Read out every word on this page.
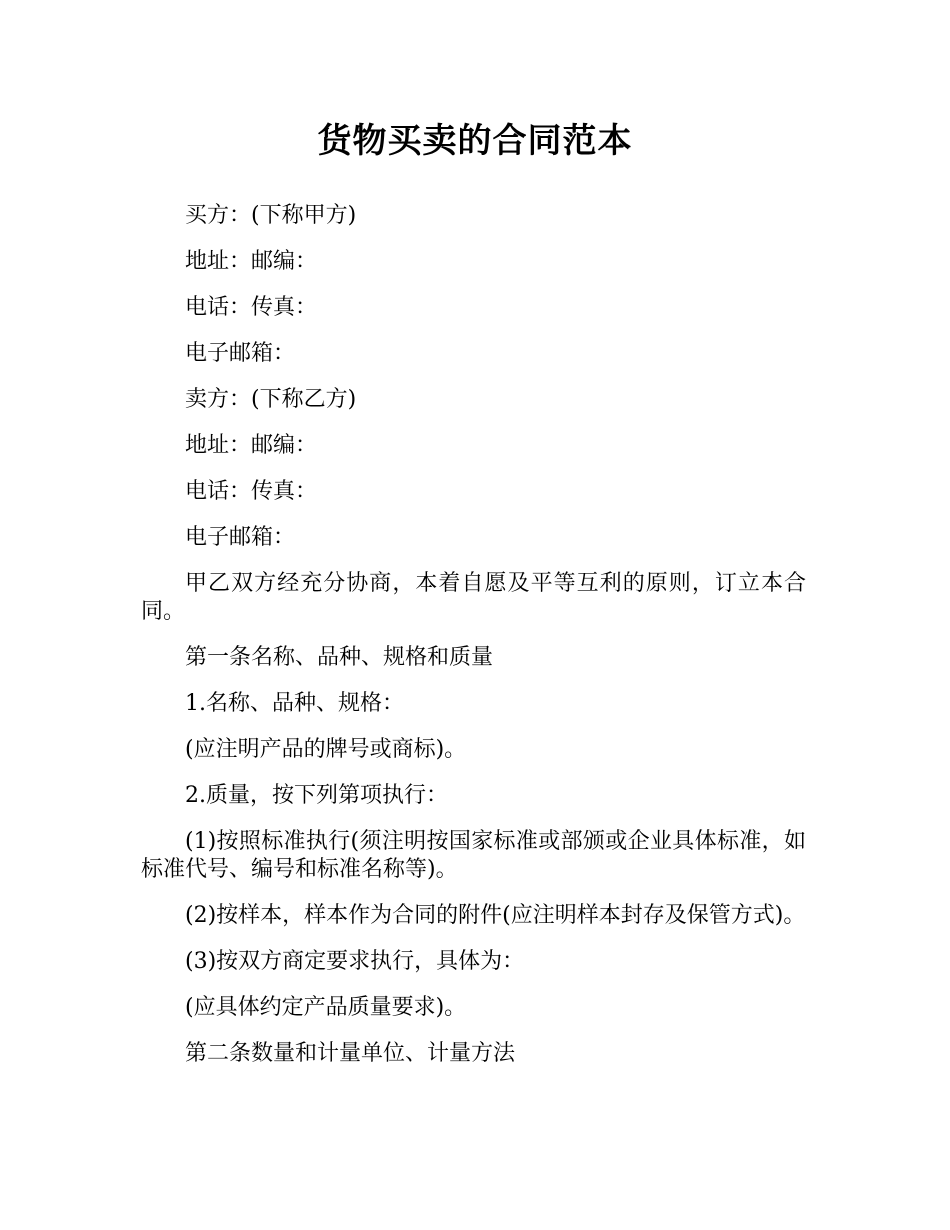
货物买卖的合同范本

买方：(下称甲方)

地址：邮编：

电话：传真：

电子邮箱：

卖方：(下称乙方)

地址：邮编：

电话：传真：

电子邮箱：

甲乙双方经充分协商，本着自愿及平等互利的原则，订立本合同。

第一条名称、品种、规格和质量

1.名称、品种、规格：

(应注明产品的牌号或商标)。

2.质量，按下列第项执行：

(1)按照标准执行(须注明按国家标准或部颁或企业具体标准，如标准代号、编号和标准名称等)。

(2)按样本，样本作为合同的附件(应注明样本封存及保管方式)。

(3)按双方商定要求执行，具体为：

(应具体约定产品质量要求)。

第二条数量和计量单位、计量方法
